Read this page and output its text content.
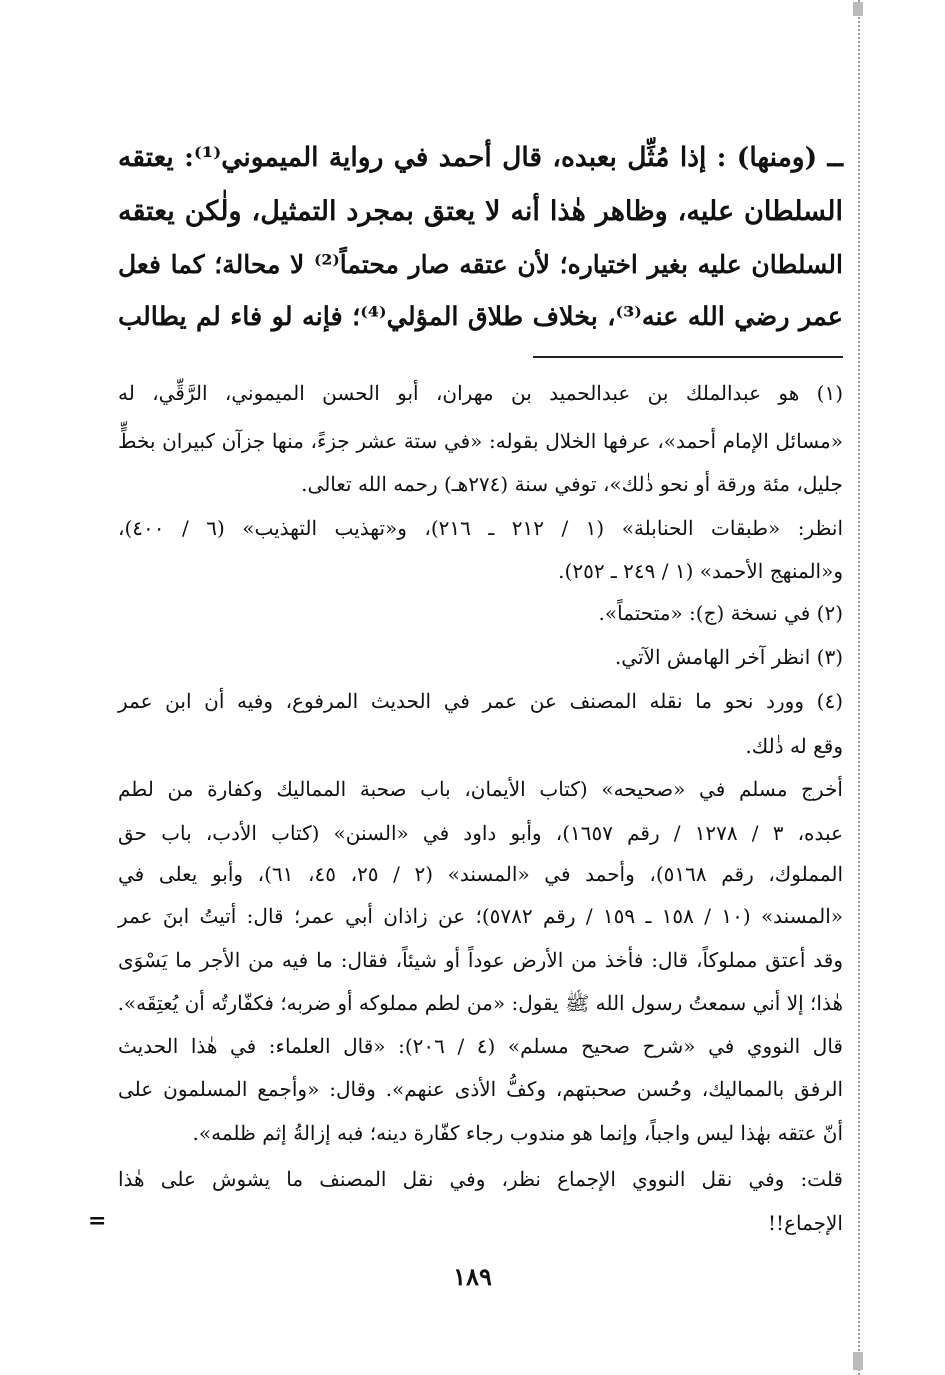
ــ (ومنها) : إذا مُثِّل بعبده، قال أحمد في رواية الميموني⁽¹⁾: يعتقه
السلطان عليه، وظاهر هٰذا أنه لا يعتق بمجرد التمثيل، ولٰكن يعتقه
السلطان عليه بغير اختياره؛ لأن عتقه صار محتماً⁽²⁾ لا محالة؛ كما فعل
عمر رضي الله عنه⁽³⁾، بخلاف طلاق المؤلي⁽⁴⁾؛ فإنه لو فاء لم يطالب
(١) هو عبدالملك بن عبدالحميد بن مهران، أبو الحسن الميموني، الرَّقِّي، له
«مسائل الإمام أحمد»، عرفها الخلال بقوله: «في ستة عشر جزءً، منها جزآن كبيران بخطٍّ
جليل، مئة ورقة أو نحو ذٰلك»، توفي سنة (٢٧٤هـ) رحمه الله تعالى.
انظر: «طبقات الحنابلة» (١ / ٢١٢ ـ ٢١٦)، و«تهذيب التهذيب» (٦ / ٤٠٠)،
و«المنهج الأحمد» (١ / ٢٤٩ ـ ٢٥٢).
(٢) في نسخة (ج): «متحتماً».
(٣) انظر آخر الهامش الآتي.
(٤) وورد نحو ما نقله المصنف عن عمر في الحديث المرفوع، وفيه أن ابن عمر
وقع له ذٰلك.
أخرج مسلم في «صحيحه» (كتاب الأيمان، باب صحبة المماليك وكفارة من لطم
عبده، ٣ / ١٢٧٨ / رقم ١٦٥٧)، وأبو داود في «السنن» (كتاب الأدب، باب حق
المملوك، رقم ٥١٦٨)، وأحمد في «المسند» (٢ / ٢٥، ٤٥، ٦١)، وأبو يعلى في
«المسند» (١٠ / ١٥٨ ـ ١٥٩ / رقم ٥٧٨٢)؛ عن زاذان أبي عمر؛ قال: أتيتُ ابنَ عمر
وقد أعتق مملوكاً، قال: فأخذ من الأرض عوداً أو شيئاً، فقال: ما فيه من الأجر ما يَسْوَى
هٰذا؛ إلا أني سمعتُ رسول الله ﷺ يقول: «من لطم مملوكه أو ضربه؛ فكفّارتُه أن يُعتِقَه».
قال النووي في «شرح صحيح مسلم» (٤ / ٢٠٦): «قال العلماء: في هٰذا الحديث
الرفق بالمماليك، وحُسن صحبتهم، وكفُّ الأذى عنهم». وقال: «وأجمع المسلمون على
أنّ عتقه بهٰذا ليس واجباً، وإنما هو مندوب رجاء كفّارة دينه؛ فبه إزالةُ إثم ظلمه».
قلت: وفي نقل النووي الإجماع نظر، وفي نقل المصنف ما يشوش على هٰذا
الإجماع!!
=
١٨٩
